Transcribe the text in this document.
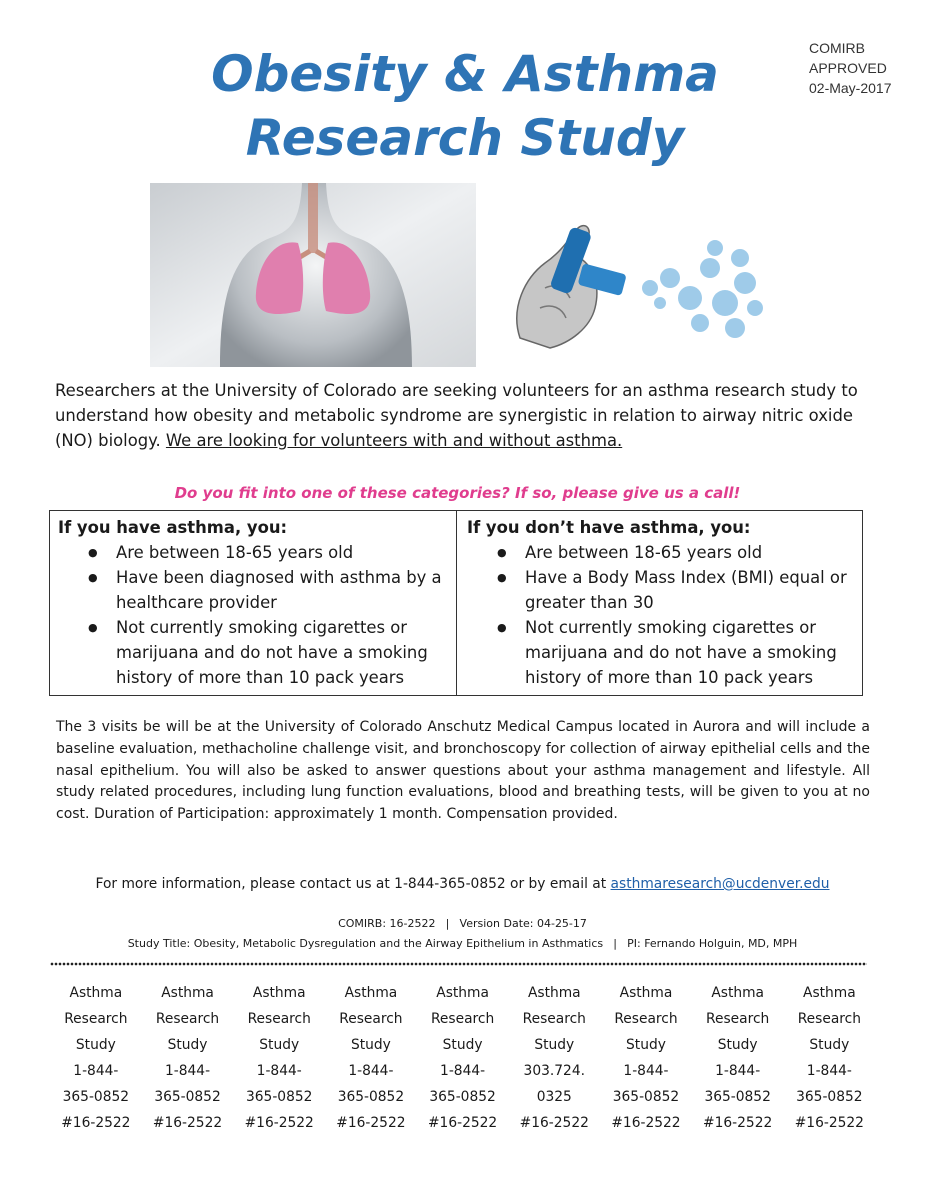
Obesity & Asthma
Research Study
COMIRB
APPROVED
02-May-2017

Researchers at the University of Colorado are seeking volunteers for an asthma research study to understand how obesity and metabolic syndrome are synergistic in relation to airway nitric oxide (NO) biology. We are looking for volunteers with and without asthma.

Do you fit into one of these categories? If so, please give us a call!

If you have asthma, you:
● Are between 18-65 years old
● Have been diagnosed with asthma by a healthcare provider
● Not currently smoking cigarettes or marijuana and do not have a smoking history of more than 10 pack years
If you don’t have asthma, you:
● Are between 18-65 years old
● Have a Body Mass Index (BMI) equal or greater than 30
● Not currently smoking cigarettes or marijuana and do not have a smoking history of more than 10 pack years

The 3 visits be will be at the University of Colorado Anschutz Medical Campus located in Aurora and will include a baseline evaluation, methacholine challenge visit, and bronchoscopy for collection of airway epithelial cells and the nasal epithelium. You will also be asked to answer questions about your asthma management and lifestyle. All study related procedures, including lung function evaluations, blood and breathing tests, will be given to you at no cost. Duration of Participation: approximately 1 month. Compensation provided.

For more information, please contact us at 1-844-365-0852 or by email at asthmaresearch@ucdenver.edu

COMIRB: 16-2522 | Version Date: 04-25-17
Study Title: Obesity, Metabolic Dysregulation and the Airway Epithelium in Asthmatics | PI: Fernando Holguin, MD, MPH
Asthma
Research
Study
1-844-
365-0852
#16-2522
Asthma
Research
Study
1-844-
365-0852
#16-2522
Asthma
Research
Study
1-844-
365-0852
#16-2522
Asthma
Research
Study
1-844-
365-0852
#16-2522
Asthma
Research
Study
1-844-
365-0852
#16-2522
Asthma
Research
Study
303.724.
0325
#16-2522
Asthma
Research
Study
1-844-
365-0852
#16-2522
Asthma
Research
Study
1-844-
365-0852
#16-2522
Asthma
Research
Study
1-844-
365-0852
#16-2522
